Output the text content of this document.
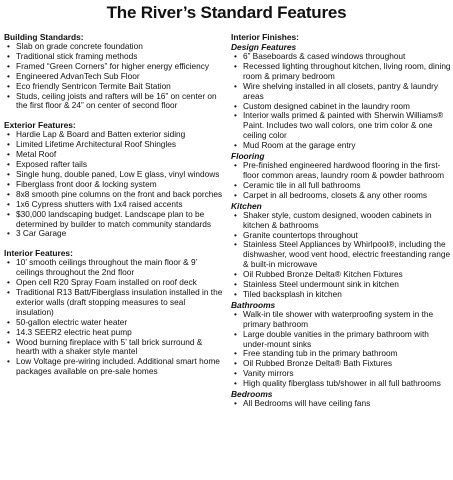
The River’s Standard Features
Building Standards:
• Slab on grade concrete foundation
• Traditional stick framing methods
• Framed “Green Corners” for higher energy efficiency
• Engineered AdvanTech Sub Floor
• Eco friendly Sentricon Termite Bait Station
• Studs, ceiling joists and rafters will be 16” on center on the first floor & 24” on center of second floor
Exterior Features:
• Hardie Lap & Board and Batten exterior siding
• Limited Lifetime Architectural Roof Shingles
• Metal Roof
• Exposed rafter tails
• Single hung, double paned, Low E glass, vinyl windows
• Fiberglass front door & locking system
• 8x8 smooth pine columns on the front and back porches
• 1x6 Cypress shutters with 1x4 raised accents
• $30,000 landscaping budget. Landscape plan to be determined by builder to match community standards
• 3 Car Garage
Interior Features:
• 10’ smooth ceilings throughout the main floor & 9’ ceilings throughout the 2nd floor
• Open cell R20 Spray Foam installed on roof deck
• Traditional R13 Batt/Fiberglass insulation installed in the exterior walls (draft stopping measures to seal insulation)
• 50-gallon electric water heater
• 14.3 SEER2 electric heat pump
• Wood burning fireplace with 5’ tall brick surround & hearth with a shaker style mantel
• Low Voltage pre-wiring included. Additional smart home packages available on pre-sale homes
Interior Finishes:
Design Features
• 6” Baseboards & cased windows throughout
• Recessed lighting throughout kitchen, living room, dining room & primary bedroom
• Wire shelving installed in all closets, pantry & laundry areas
• Custom designed cabinet in the laundry room
• Interior walls primed & painted with Sherwin Williams® Paint. Includes two wall colors, one trim color & one ceiling color
• Mud Room at the garage entry
Flooring
• Pre-finished engineered hardwood flooring in the first-floor common areas, laundry room & powder bathroom
• Ceramic tile in all full bathrooms
• Carpet in all bedrooms, closets & any other rooms
Kitchen
• Shaker style, custom designed, wooden cabinets in kitchen & bathrooms
• Granite countertops throughout
• Stainless Steel Appliances by Whirlpool®, including the dishwasher, wood vent hood, electric freestanding range & built-in microwave
• Oil Rubbed Bronze Delta® Kitchen Fixtures
• Stainless Steel undermount sink in kitchen
• Tiled backsplash in kitchen
Bathrooms
• Walk-in tile shower with waterproofing system in the primary bathroom
• Large double vanities in the primary bathroom with under-mount sinks
• Free standing tub in the primary bathroom
• Oil Rubbed Bronze Delta® Bath Fixtures
• Vanity mirrors
• High quality fiberglass tub/shower in all full bathrooms
Bedrooms
• All Bedrooms will have ceiling fans
